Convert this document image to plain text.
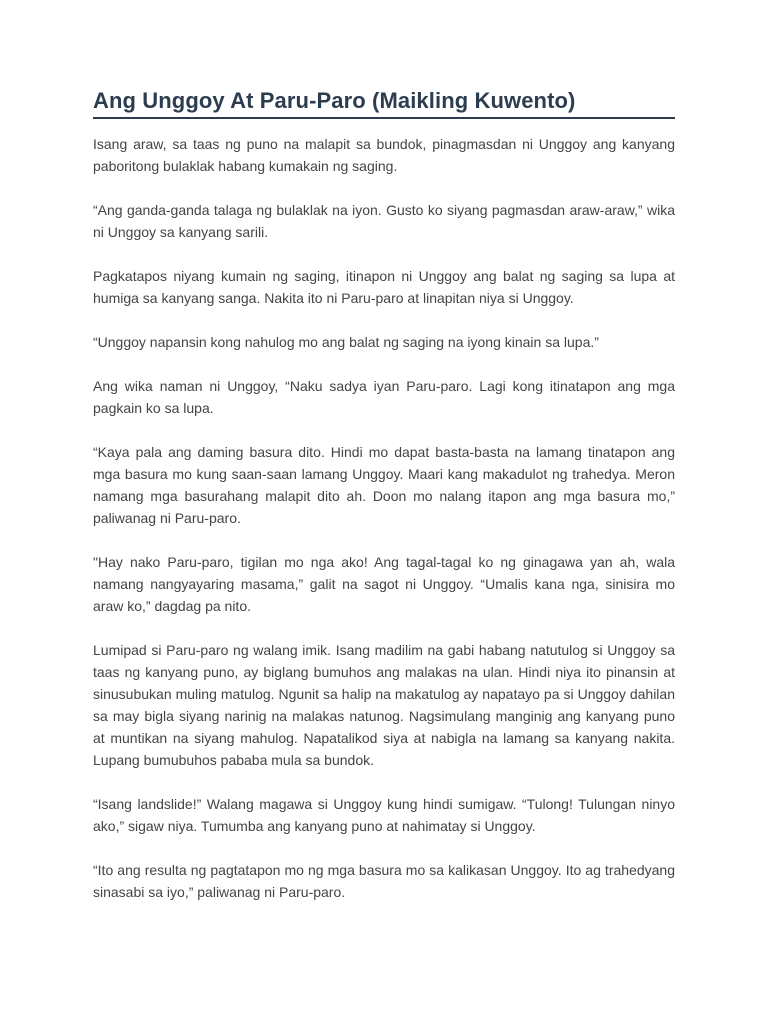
Ang Unggoy At Paru-Paro (Maikling Kuwento)

Isang araw, sa taas ng puno na malapit sa bundok, pinagmasdan ni Unggoy ang kanyang paboritong bulaklak habang kumakain ng saging.

“Ang ganda-ganda talaga ng bulaklak na iyon. Gusto ko siyang pagmasdan araw-araw,” wika ni Unggoy sa kanyang sarili.

Pagkatapos niyang kumain ng saging, itinapon ni Unggoy ang balat ng saging sa lupa at humiga sa kanyang sanga. Nakita ito ni Paru-paro at linapitan niya si Unggoy.

“Unggoy napansin kong nahulog mo ang balat ng saging na iyong kinain sa lupa.”

Ang wika naman ni Unggoy, “Naku sadya iyan Paru-paro. Lagi kong itinatapon ang mga pagkain ko sa lupa.

“Kaya pala ang daming basura dito. Hindi mo dapat basta-basta na lamang tinatapon ang mga basura mo kung saan-saan lamang Unggoy. Maari kang makadulot ng trahedya. Meron namang mga basurahang malapit dito ah. Doon mo nalang itapon ang mga basura mo,” paliwanag ni Paru-paro.

"Hay nako Paru-paro, tigilan mo nga ako! Ang tagal-tagal ko ng ginagawa yan ah, wala namang nangyayaring masama,” galit na sagot ni Unggoy. “Umalis kana nga, sinisira mo araw ko,” dagdag pa nito.

Lumipad si Paru-paro ng walang imik. Isang madilim na gabi habang natutulog si Unggoy sa taas ng kanyang puno, ay biglang bumuhos ang malakas na ulan. Hindi niya ito pinansin at sinusubukan muling matulog. Ngunit sa halip na makatulog ay napatayo pa si Unggoy dahilan sa may bigla siyang narinig na malakas natunog. Nagsimulang manginig ang kanyang puno at muntikan na siyang mahulog. Napatalikod siya at nabigla na lamang sa kanyang nakita. Lupang bumubuhos pababa mula sa bundok.

“Isang landslide!” Walang magawa si Unggoy kung hindi sumigaw. “Tulong! Tulungan ninyo ako,” sigaw niya. Tumumba ang kanyang puno at nahimatay si Unggoy.

“Ito ang resulta ng pagtatapon mo ng mga basura mo sa kalikasan Unggoy. Ito ag trahedyang sinasabi sa iyo,” paliwanag ni Paru-paro.
